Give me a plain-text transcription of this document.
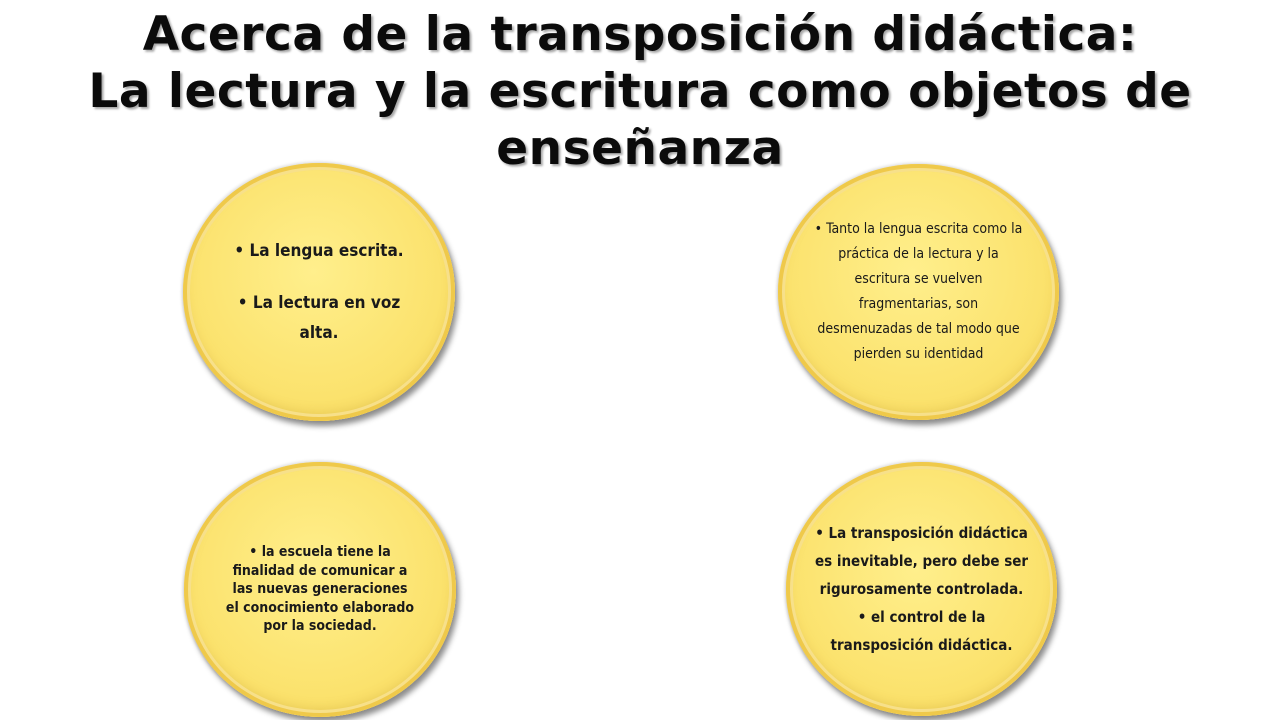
Acerca de la transposición didáctica:
La lectura y la escritura como objetos de
enseñanza
• La lengua escrita.
• La lectura en voz alta.
• Tanto la lengua escrita como la práctica de la lectura y la escritura se vuelven fragmentarias, son desmenuzadas de tal modo que pierden su identidad
• la escuela tiene la finalidad de comunicar a las nuevas generaciones el conocimiento elaborado por la sociedad.
• La transposición didáctica es inevitable, pero debe ser rigurosamente controlada.
• el control de la transposición didáctica.
